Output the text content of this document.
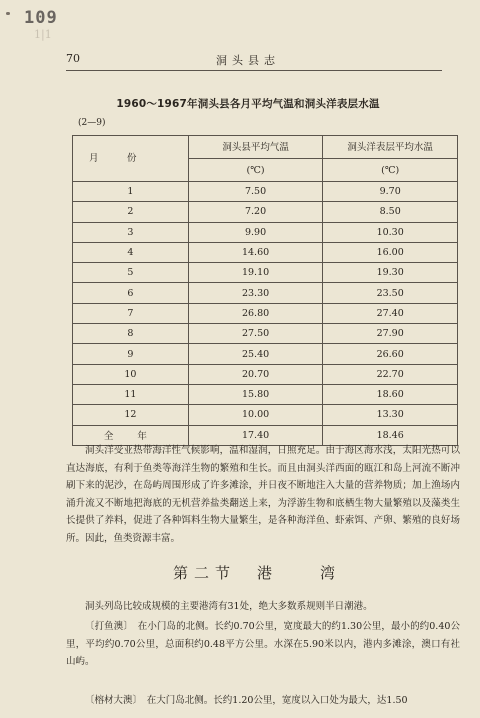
109
1|1
70	洞头县志
1960～1967年洞头县各月平均气温和洞头洋表层水温
(2—9)
月　　　份	洞头县平均气温	洞头洋表层平均水温
	(℃)	(℃)
1	7.50	9.70
2	7.20	8.50
3	9.90	10.30
4	14.60	16.00
5	19.10	19.30
6	23.30	23.50
7	26.80	27.40
8	27.50	27.90
9	25.40	26.60
10	20.70	22.70
11	15.80	18.60
12	10.00	13.30
全年	17.40	18.46

洞头洋受亚热带海洋性气候影响，温和湿润，日照充足。由于海区海水浅，太阳光热可以直达海底，有利于鱼类等海洋生物的繁殖和生长。而且由洞头洋西面的瓯江和岛上河流不断冲刷下来的泥沙，在岛屿周围形成了许多滩涂，并日夜不断地注入大量的营养物质；加上渔场内涌升流又不断地把海底的无机营养盐类翻送上来，为浮游生物和底栖生物大量繁殖以及藻类生长提供了养料，促进了各种饵料生物大量繁生，是各种海洋鱼、虾索饵、产卵、繁殖的良好场所。因此，鱼类资源丰富。

第二节　港　　湾

洞头列岛比较成规模的主要港湾有31处，绝大多数系规则半日潮港。

〔打鱼澳〕　 在小门岛的北侧。长约0.70公里，宽度最大的约1.30公里，最小的约0.40公里，平均约0.70公里，总面积约0.48平方公里。水深在5.90米以内，港内多滩涂，澳口有社山屿。

〔榕材大澳〕　 在大门岛北侧。长约1.20公里，宽度以入口处为最大，达1.50
